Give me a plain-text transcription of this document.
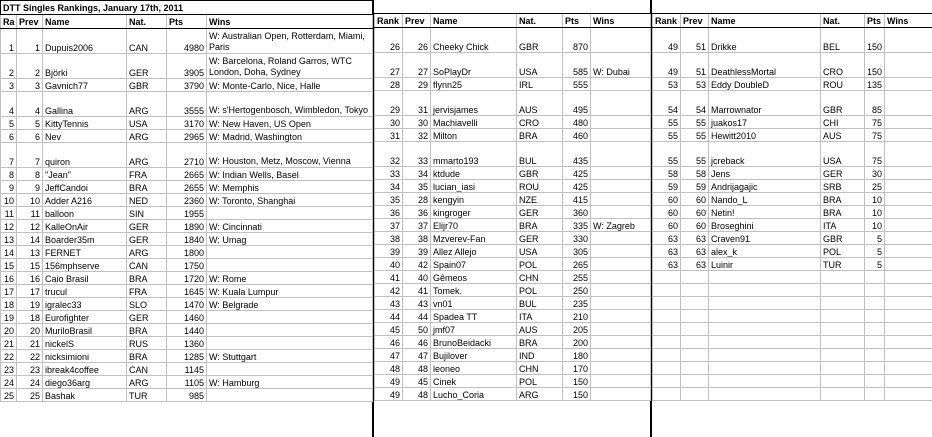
DTT Singles Rankings, January 17th, 2011					
Ra	Prev	Name	Nat.	Pts	Wins
1	1	Dupuis2006	CAN	4980	W: Australian Open, Rotterdam, Miami, Paris
2	2	Björki	GER	3905	W: Barcelona, Roland Garros, WTC London, Doha, Sydney
3	3	Gavnich77	GBR	3790	W: Monte-Carlo, Nice, Halle
4	4	Gallina	ARG	3555	W: s'Hertogenbosch, Wimbledon, Tokyo
5	5	KittyTennis	USA	3170	W: New Haven, US Open
6	6	Nev	ARG	2965	W: Madrid, Washington
7	7	quiron	ARG	2710	W: Houston, Metz, Moscow, Vienna
8	8	"Jean"	FRA	2665	W: Indian Wells, Basel
9	9	JeffCandoi	BRA	2655	W: Memphis
10	10	Adder A216	NED	2360	W: Toronto, Shanghai
11	11	balloon	SIN	1955	
12	12	KalleOnAir	GER	1890	W: Cincinnati
13	14	Boarder35m	GER	1840	W: Umag
14	13	FERNET	ARG	1800	
15	15	156mphserve	CAN	1750	
16	16	Caio Brasil	BRA	1720	W: Rome
17	17	trucul	FRA	1645	W: Kuala Lumpur
18	19	igralec33	SLO	1470	W: Belgrade
19	18	Eurofighter	GER	1460	
20	20	MuriloBrasil	BRA	1440	
21	21	nickelS	RUS	1360	
22	22	nicksimioni	BRA	1285	W: Stuttgart
23	23	ibreak4coffee	CAN	1145	
24	24	diego36arg	ARG	1105	W: Hamburg
25	25	Bashak	TUR	985	

Rank	Prev	Name	Nat.	Pts	Wins
26	26	Cheeky Chick	GBR	870	
27	27	SoPlayDr	USA	585	W: Dubai
28	29	flynn25	IRL	555	
29	31	jervisjames	AUS	495	
30	30	Machiavelli	CRO	480	
31	32	Milton	BRA	460	
32	33	mmarto193	BUL	435	
33	34	ktdude	GBR	425	
34	35	lucian_iasi	ROU	425	
35	28	kengyin	NZE	415	
36	36	kingroger	GER	360	
37	37	Elijr70	BRA	335	W: Zagreb
38	38	Mzverev-Fan	GER	330	
39	39	Allez Allejo	USA	305	
40	42	Spain07	POL	265	
41	40	Gêmeos	CHN	255	
42	41	Tomek.	POL	250	
43	43	vn01	BUL	235	
44	44	Spadea TT	ITA	210	
45	50	jmf07	AUS	205	
46	46	BrunoBeidacki	BRA	200	
47	47	Bujilover	IND	180	
48	48	leoneo	CHN	170	
49	45	Cinek	POL	150	
49	48	Lucho_Coria	ARG	150	

Rank	Prev	Name	Nat.	Pts	Wins
49	51	Drikke	BEL	150	
49	51	DeathlessMortal	CRO	150	
53	53	Eddy DoubleD	ROU	135	
54	54	Marrownator	GBR	85	
55	55	juakos17	CHI	75	
55	55	Hewitt2010	AUS	75	
55	55	jcreback	USA	75	
58	58	Jens	GER	30	
59	59	Andrijagajic	SRB	25	
60	60	Nando_L	BRA	10	
60	60	Netin!	BRA	10	
60	60	Broseghini	ITA	10	
63	63	Craven91	GBR	5	
63	63	alex_k	POL	5	
63	63	Luinir	TUR	5	
